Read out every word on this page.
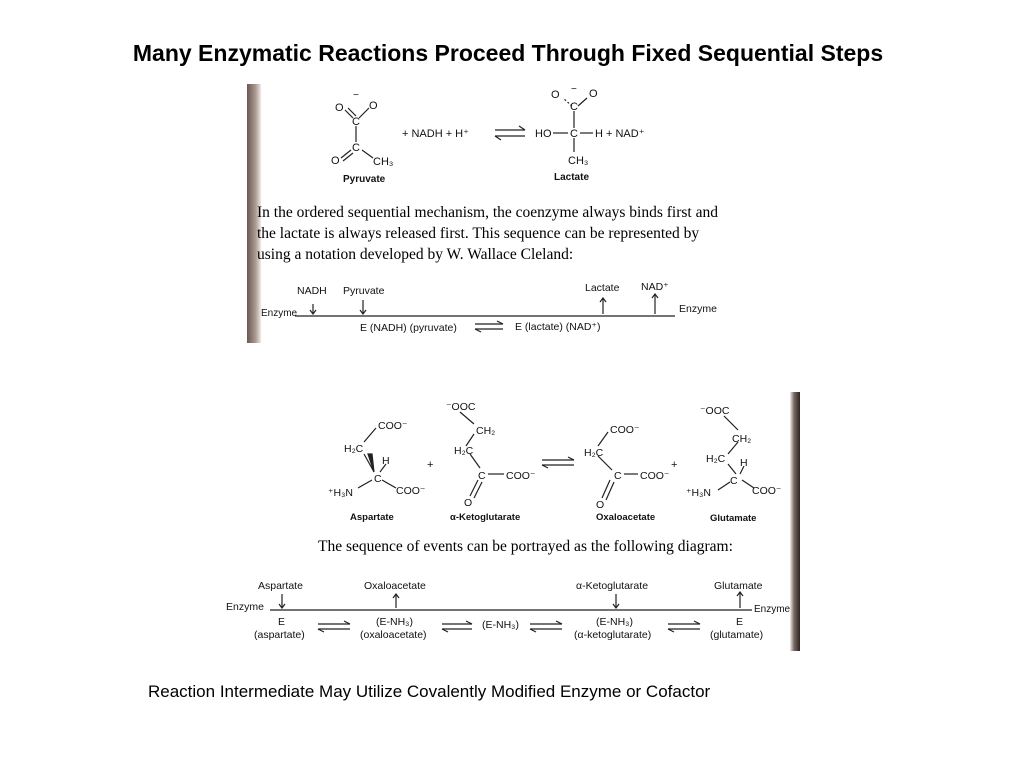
Many Enzymatic Reactions Proceed Through Fixed Sequential Steps
−
O O
C
C
O	CH₃
Pyruvate
+ NADH + H⁺
−
O	O
C
HO C H + NAD⁺
CH₃
Lactate
NADH Pyruvate	Lactate NAD⁺
Enzyme	Enzyme
E (NADH) (pyruvate)	E (lactate) (NAD⁺)
In the ordered sequential mechanism, the coenzyme always binds first and the lactate is always released first. This sequence can be represented by using a notation developed by W. Wallace Cleland:
COO⁻
H₂C
H
C
⁺H₃N	COO⁻
Aspartate
+
⁻OOC
CH₂
H₂C
C COO⁻
O
α-Ketoglutarate
COO⁻
H₂C
C COO⁻
O
Oxaloacetate
+
⁻OOC
CH₂
H₂C H
C
⁺H₃N	COO⁻
Glutamate
Aspartate	Oxaloacetate	α-Ketoglutarate	Glutamate
Enzyme	Enzyme
E
(aspartate)
(E-NH₃)
(oxaloacetate)
(E-NH₃)	(E-NH₃)
(α-ketoglutarate)
E
(glutamate)
The sequence of events can be portrayed as the following diagram:
Reaction Intermediate May Utilize Covalently Modified Enzyme or Cofactor
